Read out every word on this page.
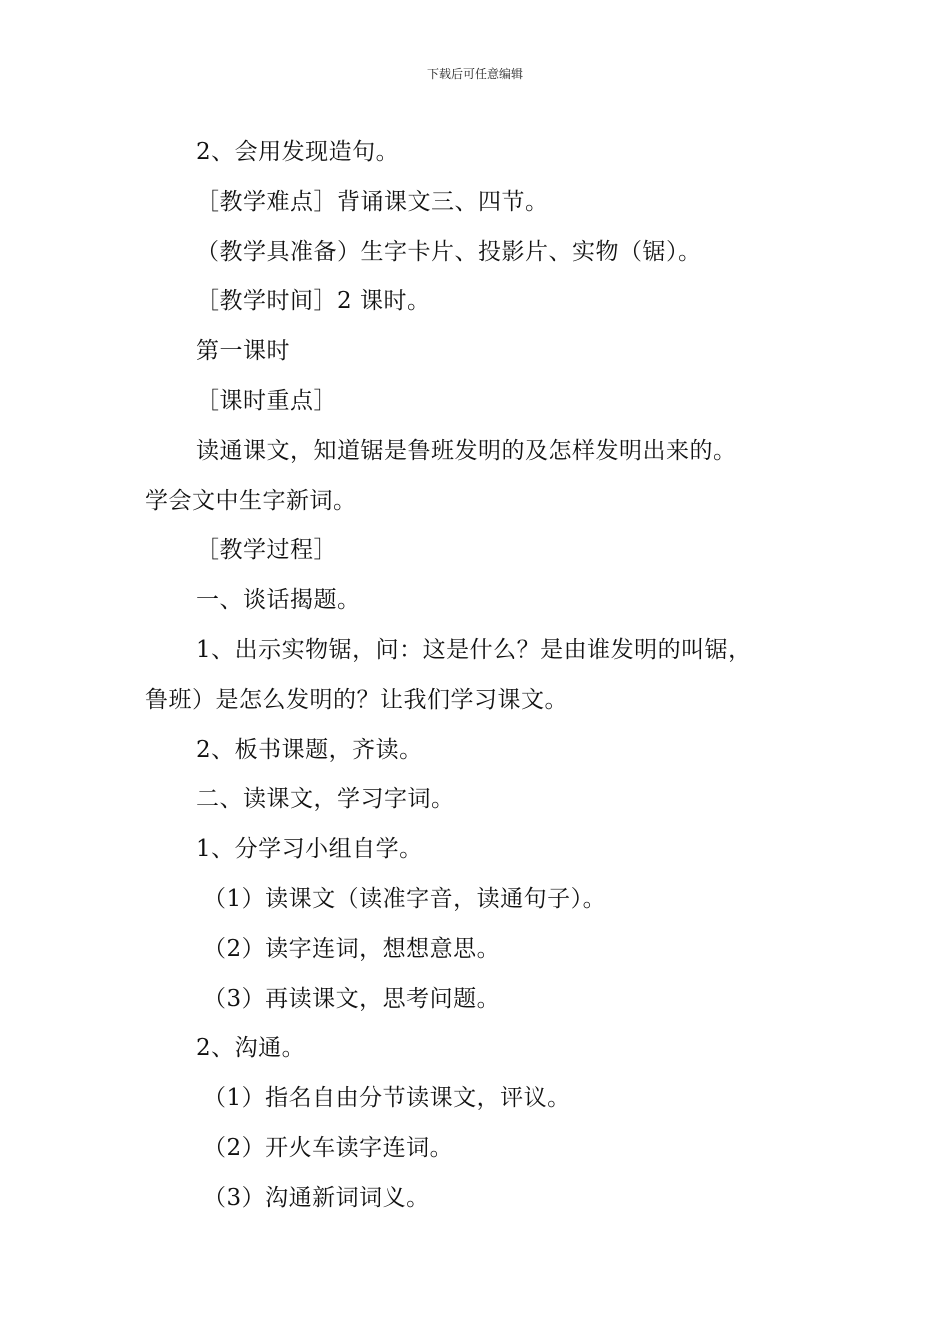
下载后可任意编辑
2、会用发现造句。
［教学难点］背诵课文三、四节。
（教学具准备）生字卡片、投影片、实物（锯）。
［教学时间］2 课时。
第一课时
［课时重点］
读通课文，知道锯是鲁班发明的及怎样发明出来的。
学会文中生字新词。
［教学过程］
一、谈话揭题。
1、出示实物锯，问：这是什么？是由谁发明的叫锯，
鲁班）是怎么发明的？让我们学习课文。
2、板书课题，齐读。
二、读课文，学习字词。
1、分学习小组自学。
（1）读课文（读准字音，读通句子）。
（2）读字连词，想想意思。
（3）再读课文，思考问题。
2、沟通。
（1）指名自由分节读课文，评议。
（2）开火车读字连词。
（3）沟通新词词义。
